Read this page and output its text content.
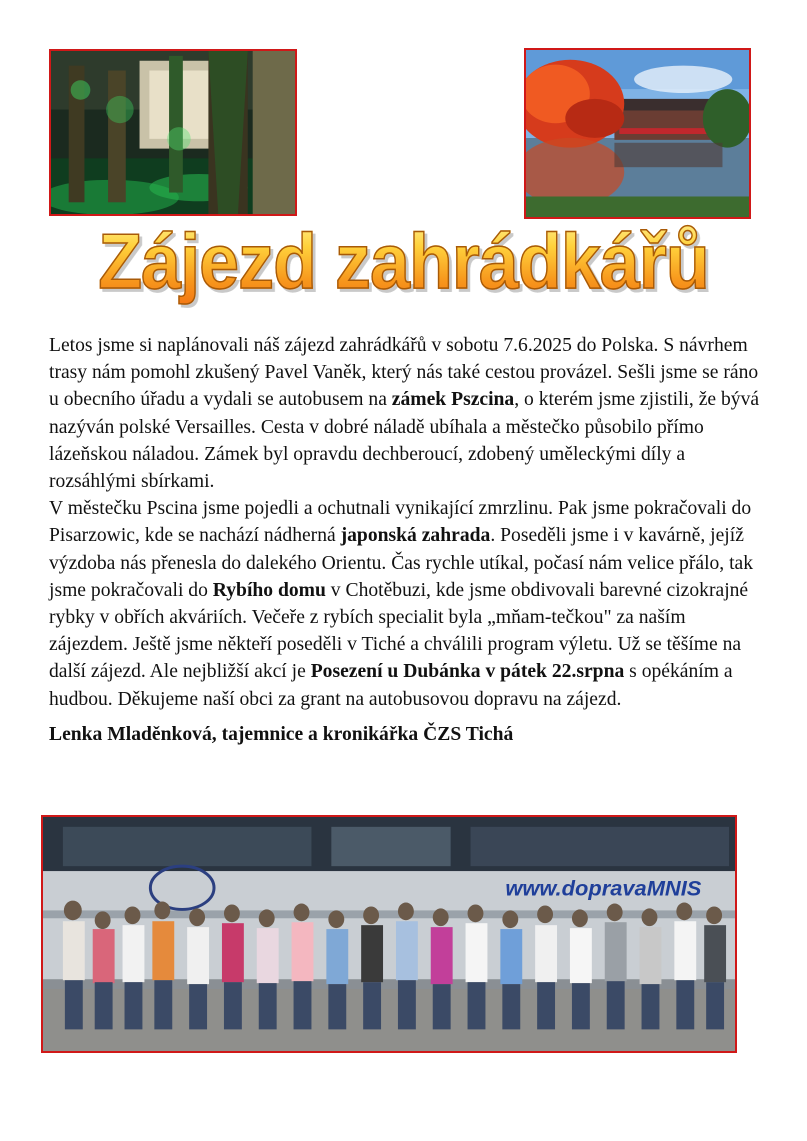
Zájezd zahrádkářů

Letos jsme si naplánovali náš zájezd zahrádkářů v sobotu 7.6.2025 do Polska. S návrhem trasy nám pomohl zkušený Pavel Vaněk, který nás také cestou provázel. Sešli jsme se ráno u obecního úřadu a vydali se autobusem na zámek Pszcina, o kterém jsme zjistili, že bývá nazýván polské Versailles. Cesta v dobré náladě ubíhala a městečko působilo přímo lázeňskou náladou. Zámek byl opravdu dechberoucí, zdobený uměleckými díly a rozsáhlými sbírkami.

V městečku Pscina jsme pojedli a ochutnali vynikající zmrzlinu. Pak jsme pokračovali do Pisarzowic, kde se nachází nádherná japonská zahrada. Poseděli jsme i v kavárně, jejíž výzdoba nás přenesla do dalekého Orientu. Čas rychle utíkal, počasí nám velice přálo, tak jsme pokračovali do Rybího domu v Chotěbuzi, kde jsme obdivovali barevné cizokrajné rybky v obřích akváriích. Večeře z rybích specialit byla „mňam-tečkou" za naším zájezdem. Ještě jsme někteří poseděli v Tiché a chválili program výletu. Už se těšíme na další zájezd. Ale nejbližší akcí je Posezení u Dubánka v pátek 22.srpna s opékáním a hudbou. Děkujeme naší obci za grant na autobusovou dopravu na zájezd.

Lenka Mladěnková, tajemnice a kronikářka ČZS Tichá

www.dopravaMNIS
